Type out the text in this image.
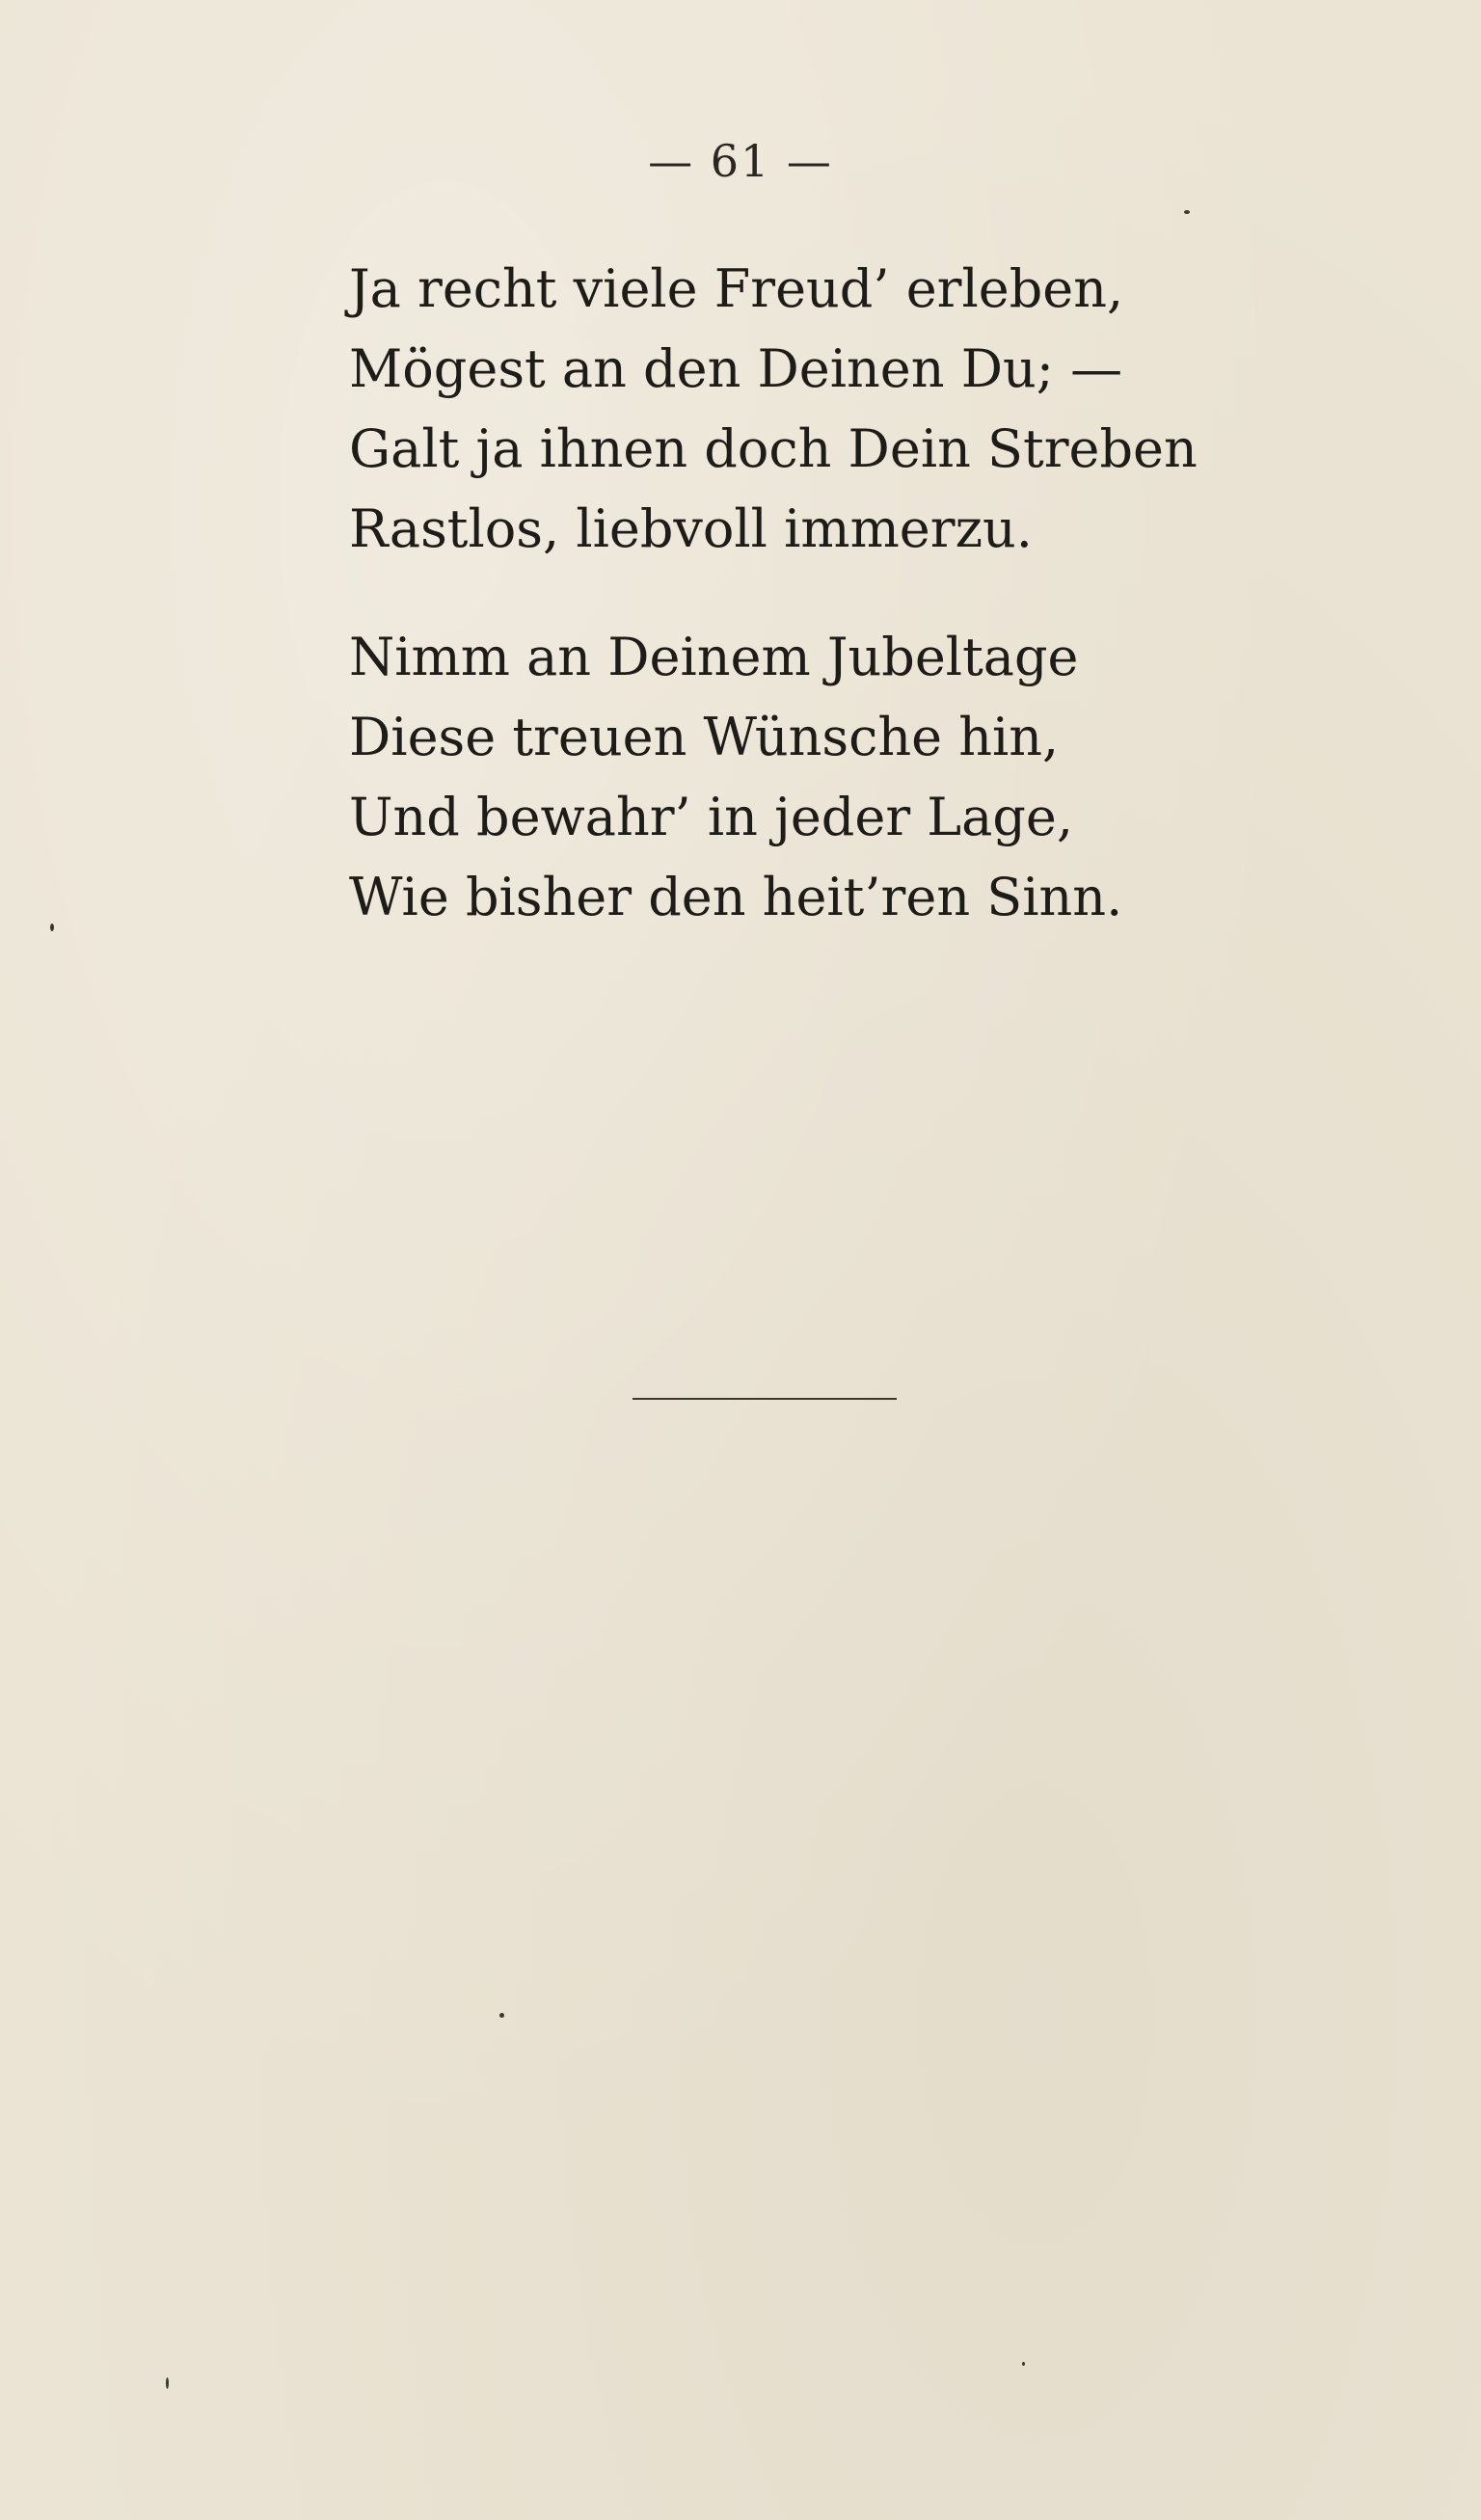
— 61 —
Ja recht viele Freud’ erleben,
Mögest an den Deinen Du; —
Galt ja ihnen doch Dein Streben
Rastlos, liebvoll immerzu.
Nimm an Deinem Jubeltage
Diese treuen Wünsche hin,
Und bewahr’ in jeder Lage,
Wie bisher den heit’ren Sinn.
